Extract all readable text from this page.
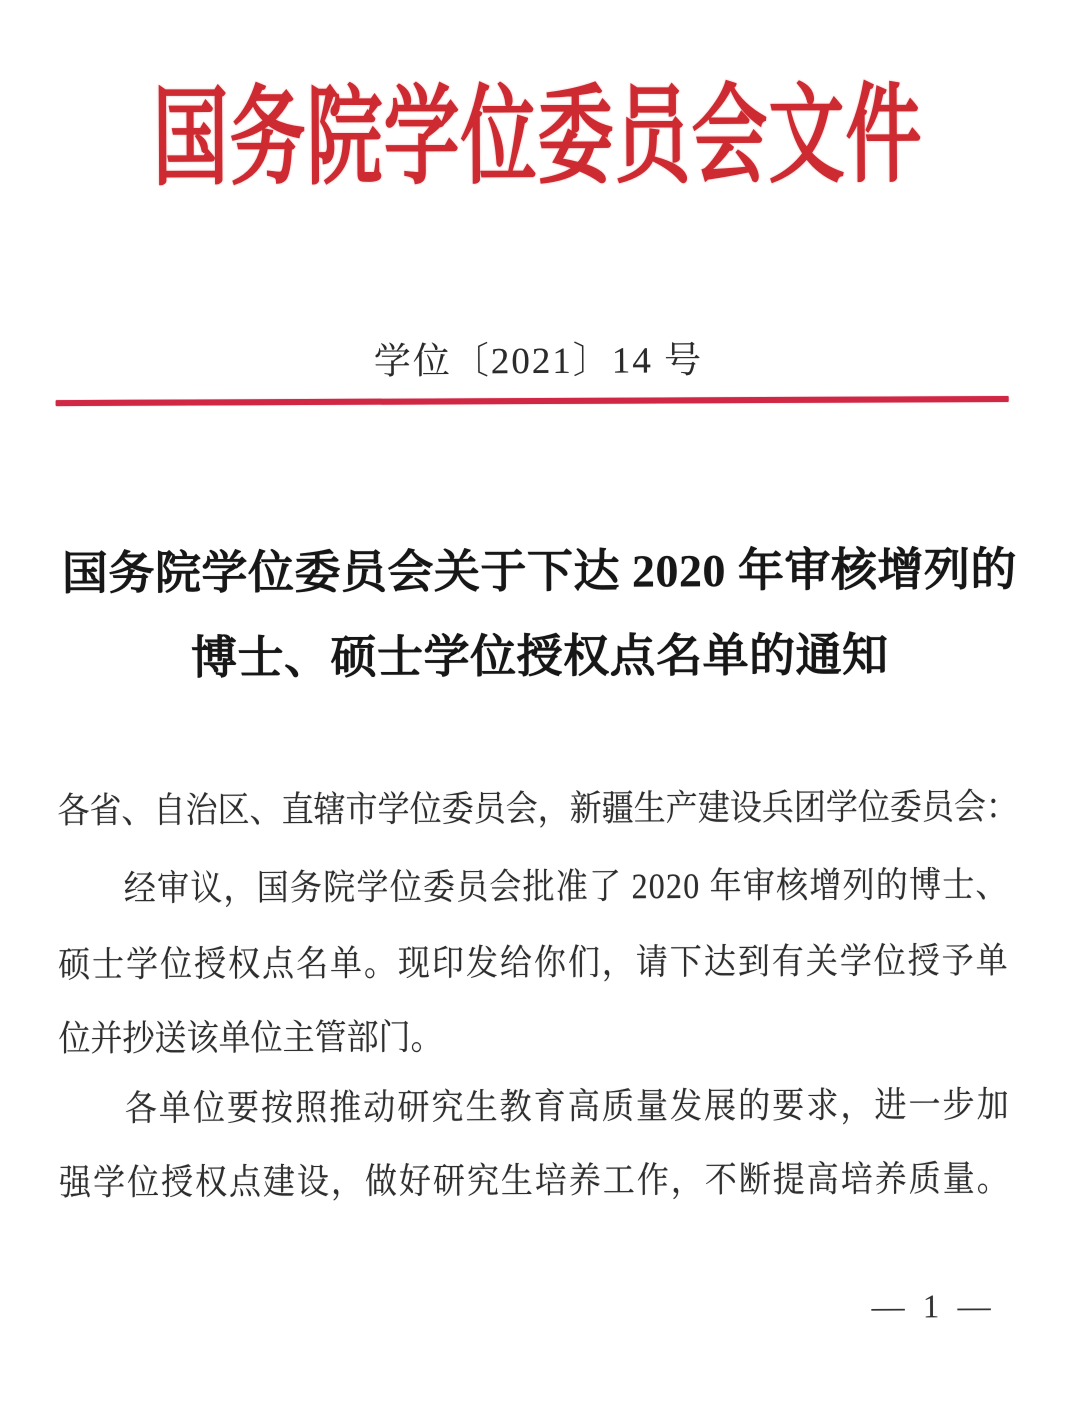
国务院学位委员会文件
学位〔2021〕14 号
国务院学位委员会关于下达 2020 年审核增列的
博士、硕士学位授权点名单的通知
各 省 、 自 治 区 、 直 辖 市 学 位 委 员 会 ， 新 疆 生 产 建 设 兵 团 学 位 委 员 会 ：
经 审 议 ， 国 务 院 学 位 委 员 会 批 准 了
2 0 2 0
年 审 核 增 列 的 博 士 、
硕 士 学 位 授 权 点 名 单 。 现 印 发 给 你 们 ， 请 下 达 到 有 关 学 位 授 予 单
位 并 抄 送 该 单 位 主 管 部 门 。
各 单 位 要 按 照 推 动 研 究 生 教 育 高 质 量 发 展 的 要 求 ， 进 一 步 加
强 学 位 授 权 点 建 设 ， 做 好 研 究 生 培 养 工 作 ， 不 断 提 高 培 养 质 量 。
— 1 —
